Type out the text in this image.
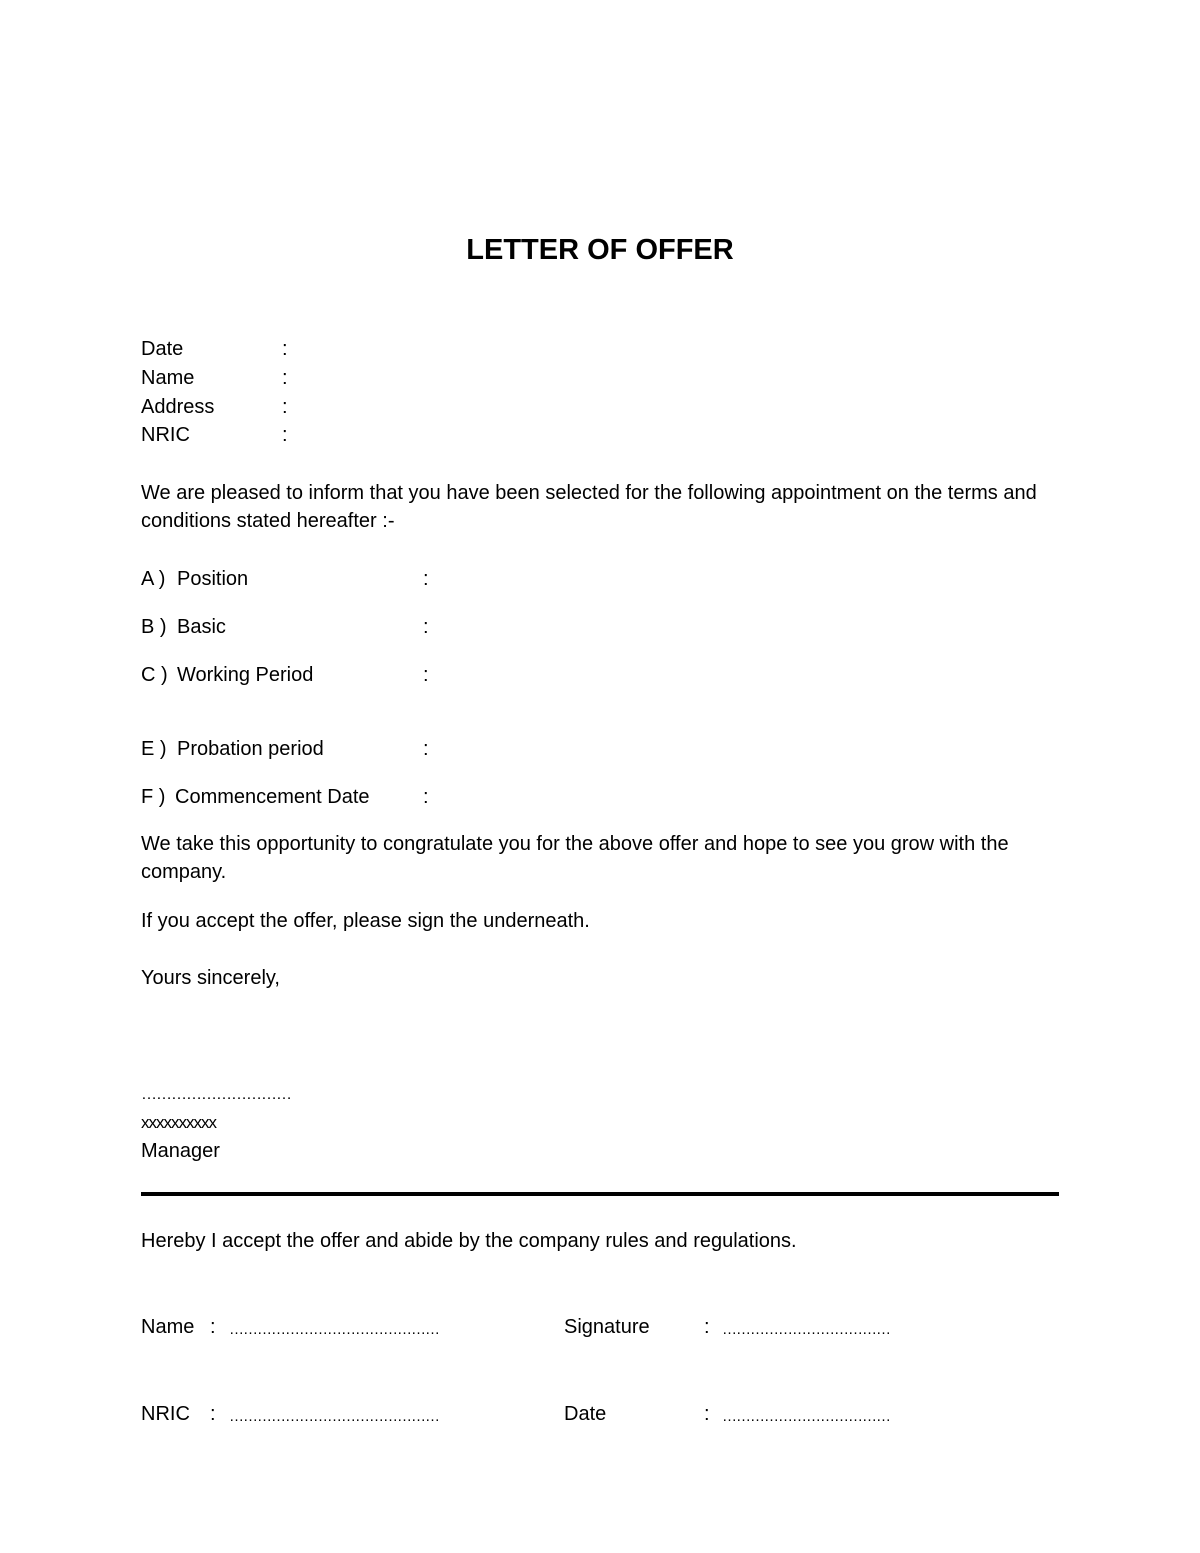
LETTER OF OFFER
Date	:
Name	:
Address	:
NRIC	:
We are pleased to inform that you have been selected for the following appointment on the terms and conditions stated hereafter :-
A ) Position	:
B ) Basic	:
C ) Working Period	:
E ) Probation period	:
F ) Commencement Date	:
We take this opportunity to congratulate you for the above offer and hope to see you grow with the company.
If you accept the offer, please sign the underneath.
Yours sincerely,
…………………………
xxxxxxxxxx
Manager
Hereby I accept the offer and abide by the company rules and regulations.
Name : ………………………………………	Signature	: ………………………………
NRIC : ………………………………………	Date	: ………………………………
